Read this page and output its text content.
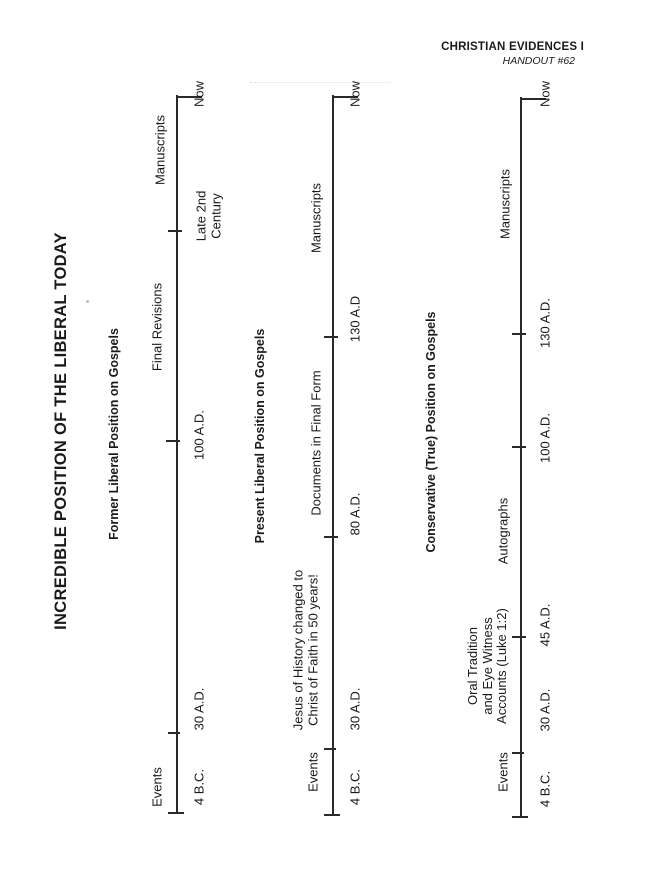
CHRISTIAN EVIDENCES I
HANDOUT #62
INCREDIBLE POSITION OF THE LIBERAL TODAY	Former Liberal Position on Gospels
Events
Final Revisions
Manuscripts
4 B.C.
30 A.D.
100 A.D.
Late 2nd
Century
Now
Present Liberal Position on Gospels
Events
Jesus of History changed to
Christ of Faith in 50 years!
Documents in Final Form
Manuscripts
4 B.C.
30 A.D.
80 A.D.
130 A.D
Now
Conservative (True) Position on Gospels
Events
Oral Tradition
and Eye Witness
Accounts (Luke 1:2)
Autographs
Manuscripts
4 B.C.
30 A.D.
45 A.D.
100 A.D.
130 A.D.
Now
